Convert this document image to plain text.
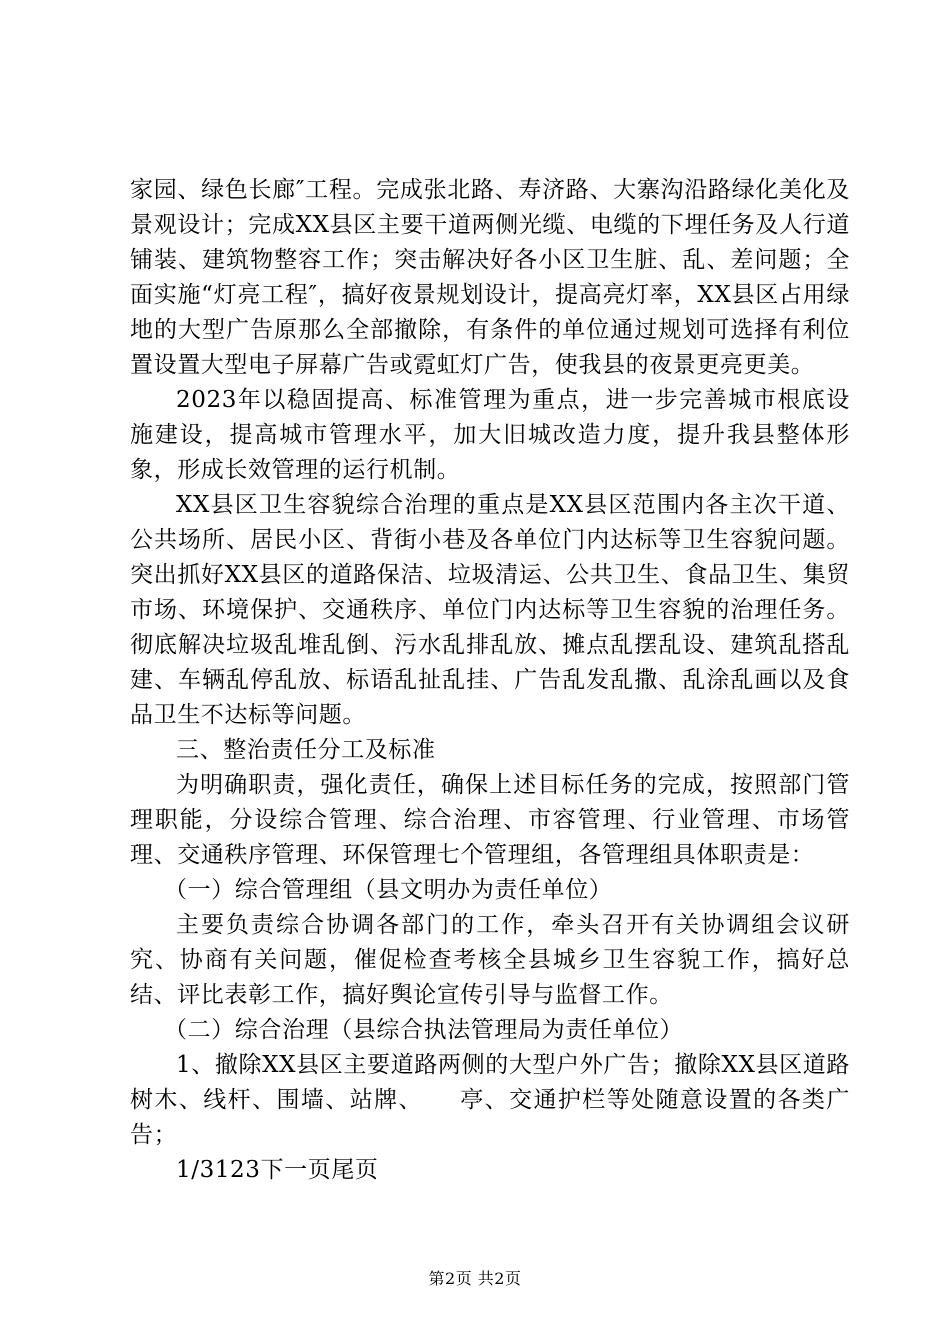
家园、绿色长廊″工程。完成张北路、寿济路、大寨沟沿路绿化美化及景观设计；完成XX县区主要干道两侧光缆、电缆的下埋任务及人行道铺装、建筑物整容工作；突击解决好各小区卫生脏、乱、差问题；全面实施“灯亮工程″，搞好夜景规划设计，提高亮灯率，XX县区占用绿地的大型广告原那么全部撤除，有条件的单位通过规划可选择有利位置设置大型电子屏幕广告或霓虹灯广告，使我县的夜景更亮更美。

2023年以稳固提高、标准管理为重点，进一步完善城市根底设施建设，提高城市管理水平，加大旧城改造力度，提升我县整体形象，形成长效管理的运行机制。

XX县区卫生容貌综合治理的重点是XX县区范围内各主次干道、公共场所、居民小区、背街小巷及各单位门内达标等卫生容貌问题。突出抓好XX县区的道路保洁、垃圾清运、公共卫生、食品卫生、集贸市场、环境保护、交通秩序、单位门内达标等卫生容貌的治理任务。彻底解决垃圾乱堆乱倒、污水乱排乱放、摊点乱摆乱设、建筑乱搭乱建、车辆乱停乱放、标语乱扯乱挂、广告乱发乱撒、乱涂乱画以及食品卫生不达标等问题。

三、整治责任分工及标准

为明确职责，强化责任，确保上述目标任务的完成，按照部门管理职能，分设综合管理、综合治理、市容管理、行业管理、市场管理、交通秩序管理、环保管理七个管理组，各管理组具体职责是：

（一）综合管理组（县文明办为责任单位）

主要负责综合协调各部门的工作，牵头召开有关协调组会议研究、协商有关问题，催促检查考核全县城乡卫生容貌工作，搞好总结、评比表彰工作，搞好舆论宣传引导与监督工作。

（二）综合治理（县综合执法管理局为责任单位）

1、撤除XX县区主要道路两侧的大型户外广告；撤除XX县区道路树木、线杆、围墙、站牌、　　亭、交通护栏等处随意设置的各类广告；

1/3123下一页尾页

第2页 共2页
